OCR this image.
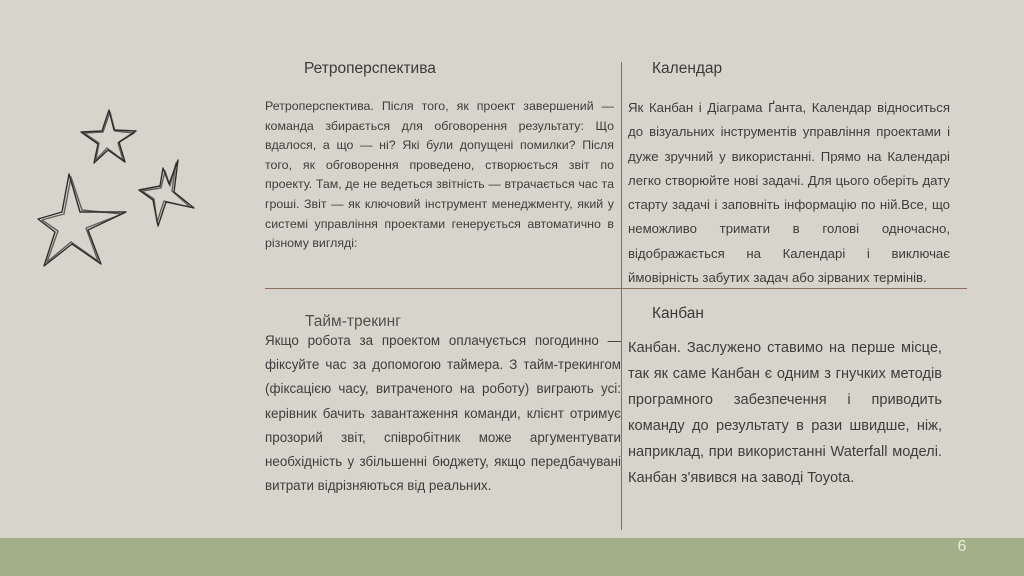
Ретроперспектива
Ретроперспектива. Після того, як проект завершений — команда збирається для обговорення результату: Що вдалося, а що — ні? Які були допущені помилки? Після того, як обговорення проведено, створюється звіт по проекту. Там, де не ведеться звітність — втрачається час та гроші. Звіт — як ключовий інструмент менеджменту, який у системі управління проектами генерується автоматично в різному вигляді:
Календар
Як Канбан і Діаграма Ґанта, Календар відноситься до візуальних інструментів управління проектами і дуже зручний у використанні. Прямо на Календарі легко створюйте нові задачі. Для цього оберіть дату старту задачі і заповніть інформацію по ній.Все, що неможливо тримати в голові одночасно, відображається на Календарі і виключає ймовірність забутих задач або зірваних термінів.
Тайм-трекинг
Якщо робота за проектом оплачується погодинно — фіксуйте час за допомогою таймера. З тайм-трекингом (фіксацією часу, витраченого на роботу) виграють усі: керівник бачить завантаження команди, клієнт отримує прозорий звіт, співробітник може аргументувати необхідність у збільшенні бюджету, якщо передбачувані витрати відрізняються від реальних.
Канбан
Канбан. Заслужено ставимо на перше місце, так як саме Канбан є одним з гнучких методів програмного забезпечення і приводить команду до результату в рази швидше, ніж, наприклад, при використанні Waterfall моделі. Канбан з'явився на заводі Toyota.
6
